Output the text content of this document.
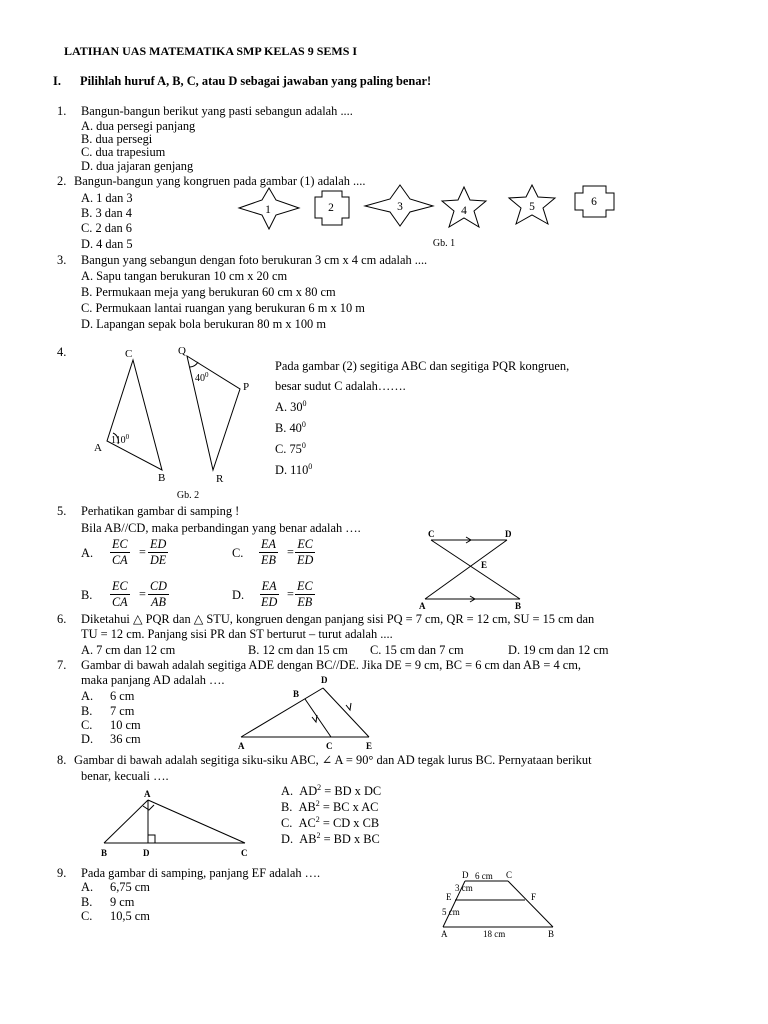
LATIHAN UAS MATEMATIKA SMP KELAS 9 SEMS I
I. Pilihlah huruf A, B, C, atau D sebagai jawaban yang paling benar!
1. Bangun-bangun berikut yang pasti sebangun adalah ....
A. dua persegi panjang
B. dua persegi
C. dua trapesium
D. dua jajaran genjang
2. Bangun-bangun yang kongruen pada gambar (1) adalah ....
A. 1 dan 3
B. 3 dan 4
C. 2 dan 6
D. 4 dan 5
1	2	3	4	5	6
Gb. 1
3. Bangun yang sebangun dengan foto berukuran 3 cm x 4 cm adalah ....
A. Sapu tangan berukuran 10 cm x 20 cm
B. Permukaan meja yang berukuran 60 cm x 80 cm
C. Permukaan lantai ruangan yang berukuran 6 m x 10 m
D. Lapangan sepak bola berukuran 80 m x 100 m
4.	C
A
B
$110^0$
Q
P
R
$40^0$
Gb. 2
Pada gambar (2) segitiga ABC dan segitiga PQR kongruen,
besar sudut C adalah…….
A. $30^0$
B. $40^0$
C. $75^0$
D. $110^0$
5. Perhatikan gambar di samping !
Bila AB//CD, maka perbandingan yang benar adalah ….
A. $\frac{EC}{CA} = \frac{ED}{DE}$	C. $\frac{EA}{EB} = \frac{EC}{ED}$
B. $\frac{EC}{CA} = \frac{CD}{AB}$	D. $\frac{EA}{ED} = \frac{EC}{EB}$
C	D
E
A	B
6. Diketahui △ PQR dan △ STU, kongruen dengan panjang sisi PQ = 7 cm, QR = 12 cm, SU = 15 cm dan
TU = 12 cm. Panjang sisi PR dan ST berturut – turut adalah ....
A. 7 cm dan 12 cm	B. 12 cm dan 15 cm C. 15 cm dan 7 cm	D. 19 cm dan 12 cm
7. Gambar di bawah adalah segitiga ADE dengan BC//DE. Jika DE = 9 cm, BC = 6 cm dan AB = 4 cm,
maka panjang AD adalah ….
A. 6 cm
B. 7 cm
C. 10 cm
D. 36 cm
D
B
A	C	E
8. Gambar di bawah adalah segitiga siku-siku ABC, ∠ A = 90° dan AD tegak lurus BC. Pernyataan berikut
benar, kecuali ….
A. $AD^2$ = BD x DC
B. $AB^2$ = BC x AC
C. $AC^2$ = CD x CB
D. $AB^2$ = BD x BC
A
B	D	C
9. Pada gambar di samping, panjang EF adalah ….
A. 6,75 cm
B. 9 cm
C. 10,5 cm
D 6 cm C
3 cm
E	F
5 cm
A	18 cm	B
